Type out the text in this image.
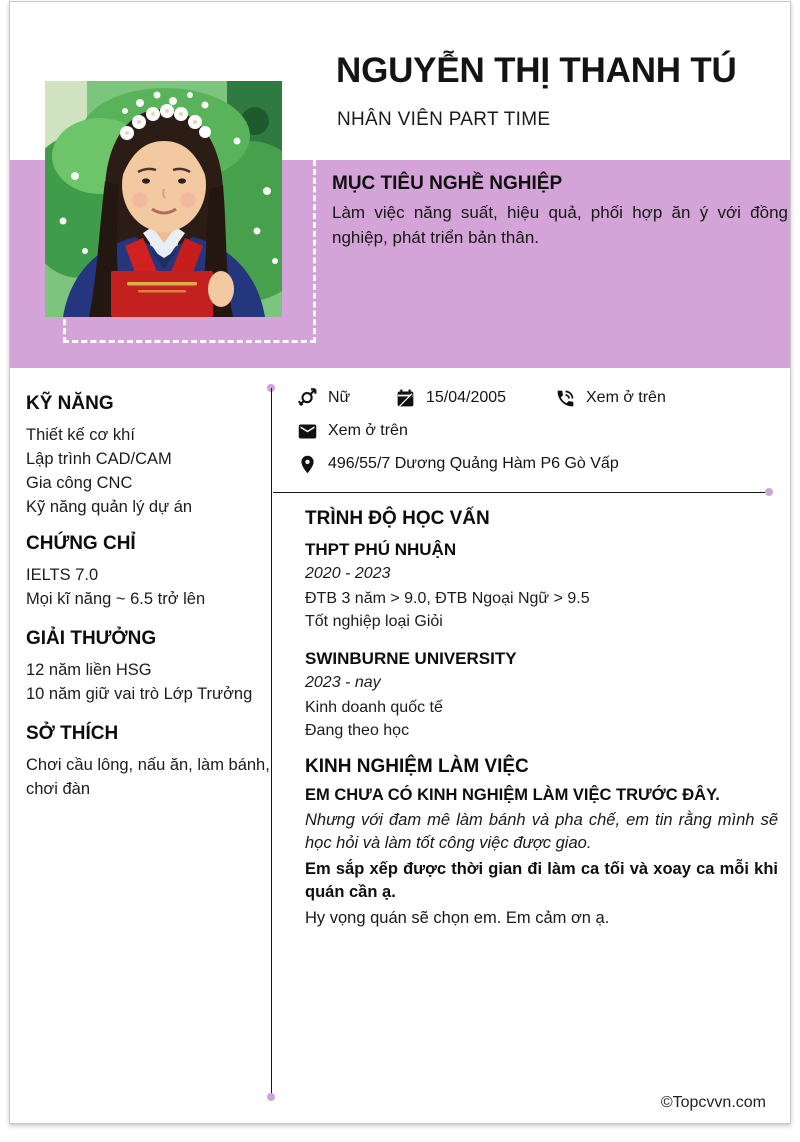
NGUYỄN THỊ THANH TÚ
NHÂN VIÊN PART TIME
MỤC TIÊU NGHỀ NGHIỆP
Làm việc năng suất, hiệu quả, phối hợp ăn ý với đồng nghiệp, phát triển bản thân.
Nữ	15/04/2005	Xem ở trên
Xem ở trên
496/55/7 Dương Quảng Hàm P6 Gò Vấp
KỸ NĂNG
Thiết kế cơ khí
Lập trình CAD/CAM
Gia công CNC
Kỹ năng quản lý dự án
CHỨNG CHỈ
IELTS 7.0
Mọi kĩ năng ~ 6.5 trở lên
GIẢI THƯỞNG
12 năm liền HSG
10 năm giữ vai trò Lớp Trưởng
SỞ THÍCH
Chơi cầu lông, nấu ăn, làm bánh, chơi đàn
TRÌNH ĐỘ HỌC VẤN
THPT PHÚ NHUẬN
2020 - 2023
ĐTB 3 năm > 9.0, ĐTB Ngoại Ngữ > 9.5
Tốt nghiệp loại Giỏi
SWINBURNE UNIVERSITY
2023 - nay
Kinh doanh quốc tế
Đang theo học
KINH NGHIỆM LÀM VIỆC
EM CHƯA CÓ KINH NGHIỆM LÀM VIỆC TRƯỚC ĐÂY.
Nhưng với đam mê làm bánh và pha chế, em tin rằng mình sẽ học hỏi và làm tốt công việc được giao.
Em sắp xếp được thời gian đi làm ca tối và xoay ca mỗi khi quán cần ạ.
Hy vọng quán sẽ chọn em. Em cảm ơn ạ.
©Topcvvn.com
